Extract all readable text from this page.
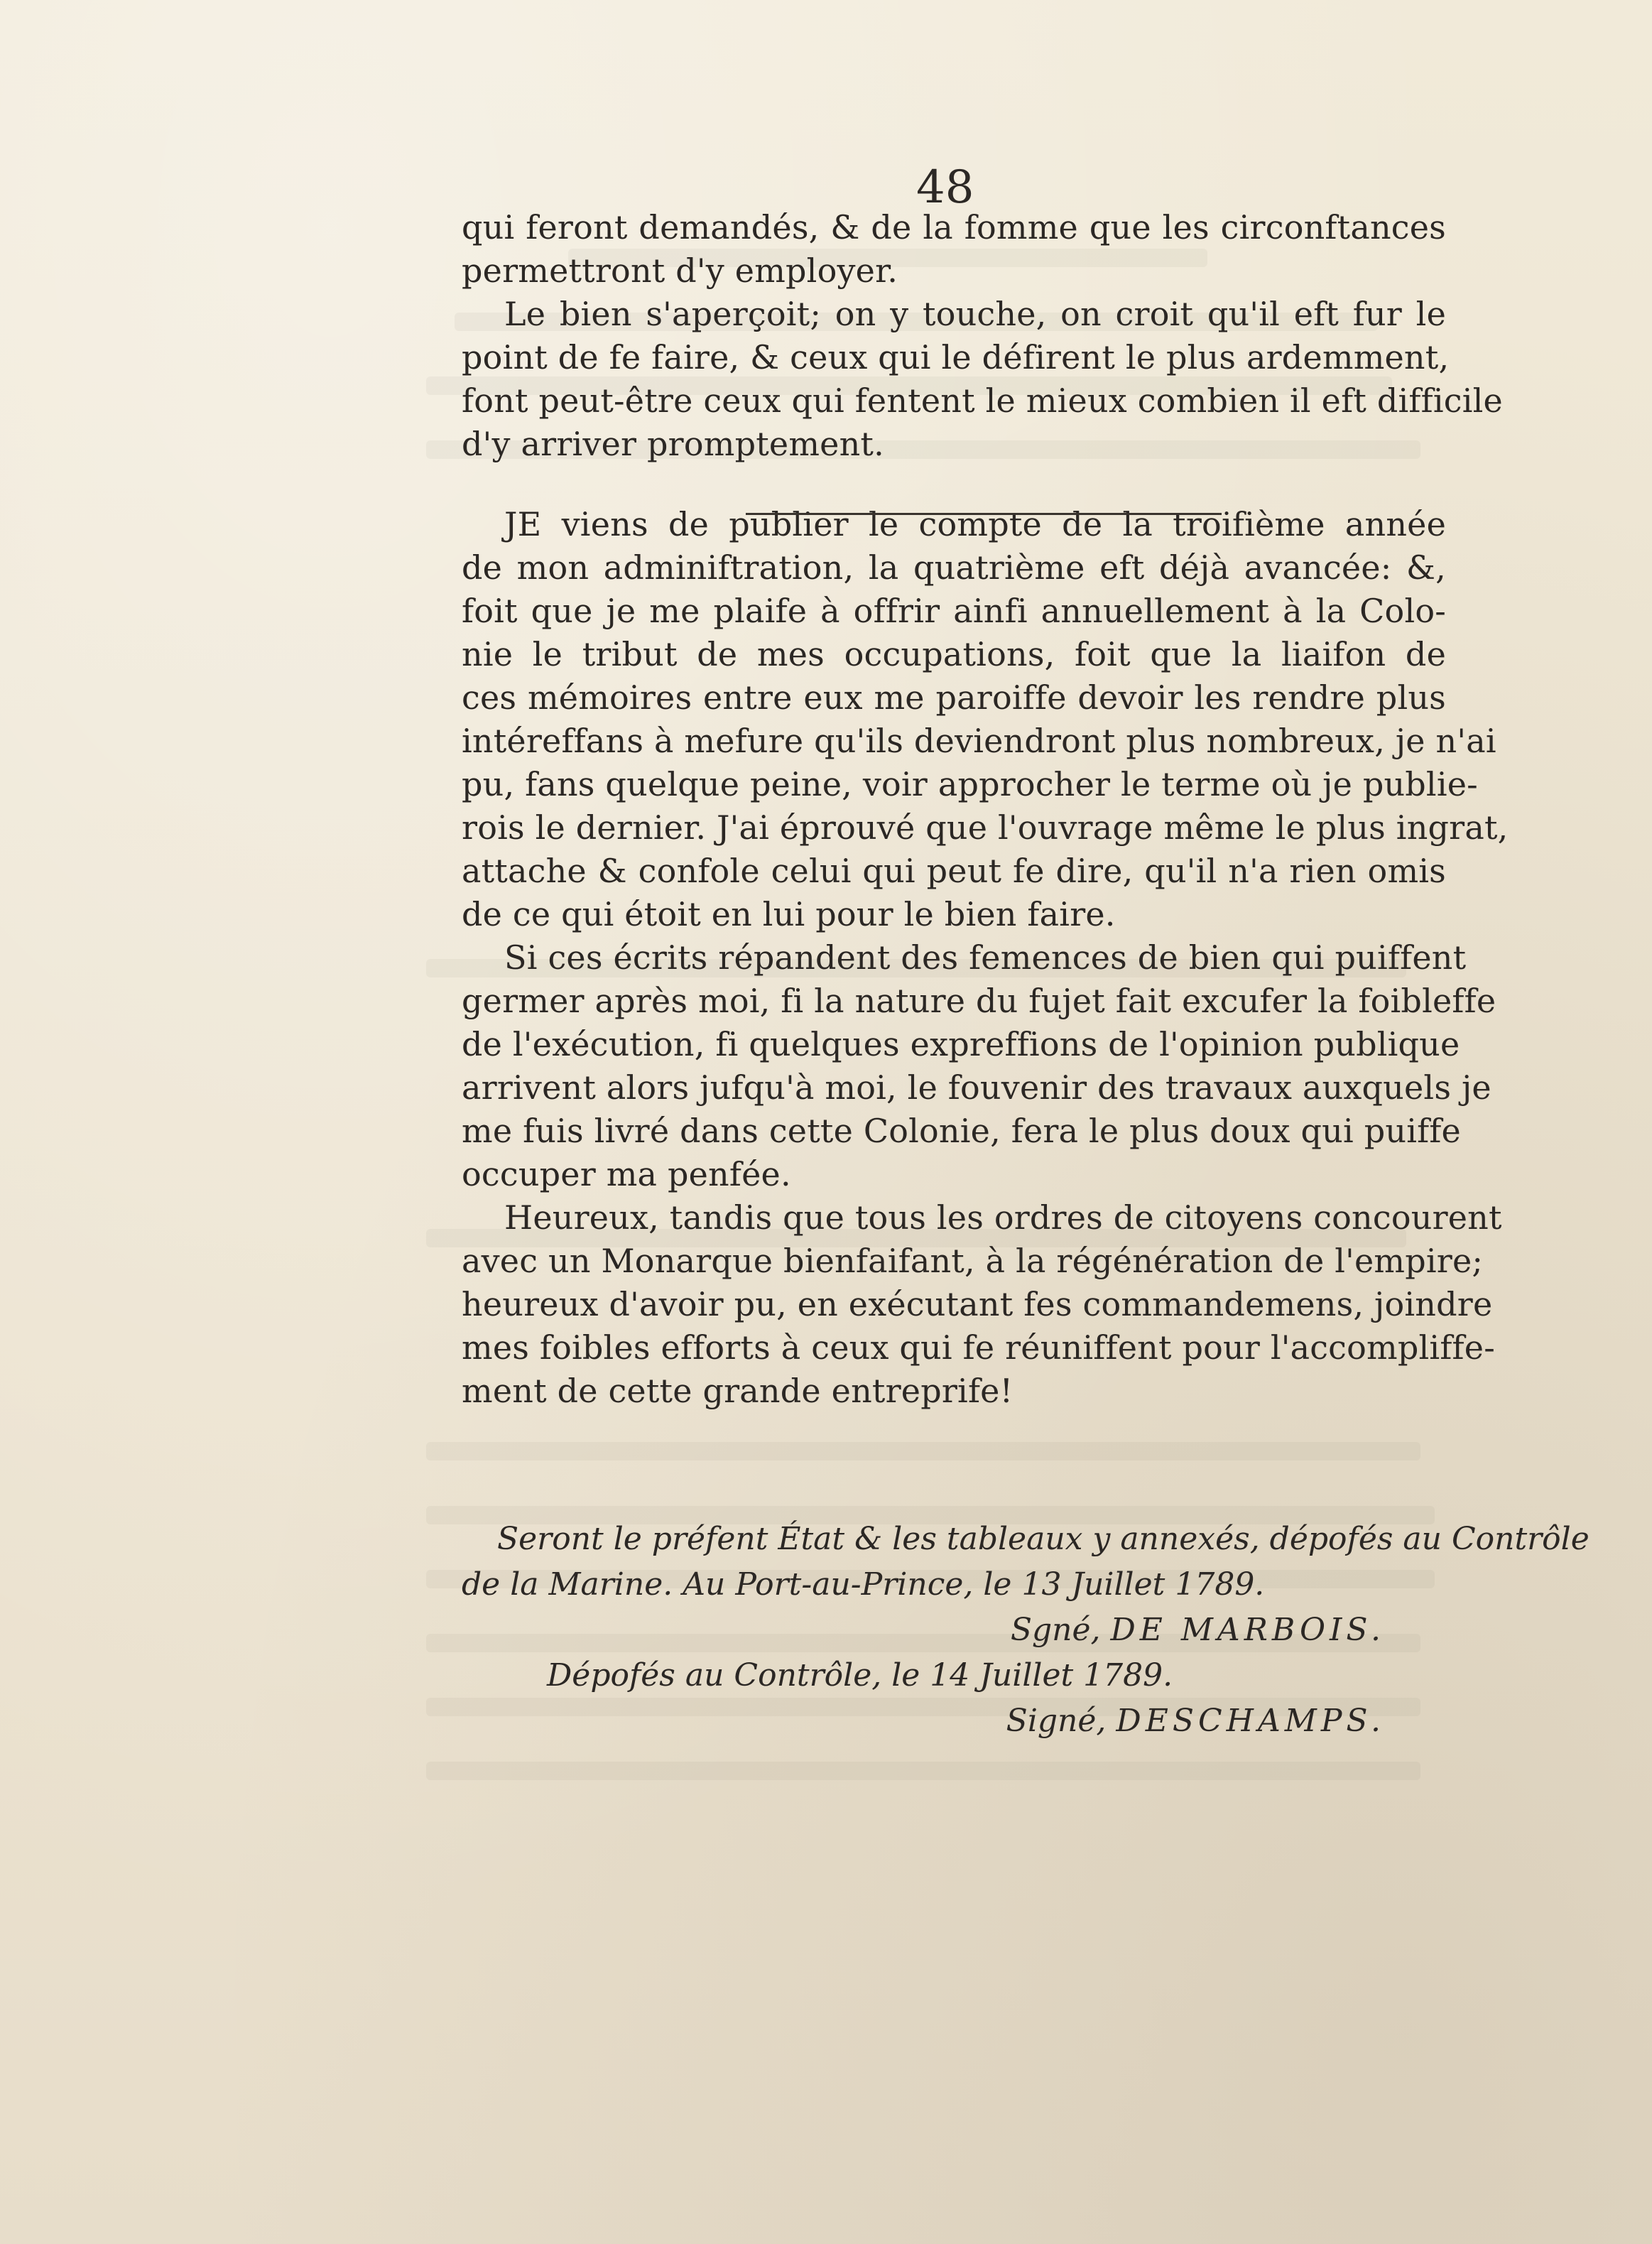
48
qui feront demandés, & de la fomme que les circonftances
permettront d'y employer.
Le bien s'aperçoit; on y touche, on croit qu'il eft fur le
point de fe faire, & ceux qui le défirent le plus ardemment,
font peut-être ceux qui fentent le mieux combien il eft difficile
d'y arriver promptement.
JE viens de publier le compte de la troifième année
de mon adminiftration, la quatrième eft déjà avancée: &,
foit que je me plaife à offrir ainfi annuellement à la Colo-
nie le tribut de mes occupations, foit que la liaifon de
ces mémoires entre eux me paroiffe devoir les rendre plus
intéreffans à mefure qu'ils deviendront plus nombreux, je n'ai
pu, fans quelque peine, voir approcher le terme où je publie-
rois le dernier. J'ai éprouvé que l'ouvrage même le plus ingrat,
attache & confole celui qui peut fe dire, qu'il n'a rien omis
de ce qui étoit en lui pour le bien faire.
Si ces écrits répandent des femences de bien qui puiffent
germer après moi, fi la nature du fujet fait excufer la foibleffe
de l'exécution, fi quelques expreffions de l'opinion publique
arrivent alors jufqu'à moi, le fouvenir des travaux auxquels je
me fuis livré dans cette Colonie, fera le plus doux qui puiffe
occuper ma penfée.
Heureux, tandis que tous les ordres de citoyens concourent
avec un Monarque bienfaifant, à la régénération de l'empire;
heureux d'avoir pu, en exécutant fes commandemens, joindre
mes foibles efforts à ceux qui fe réuniffent pour l'accompliffe-
ment de cette grande entreprife!
Seront le préfent État & les tableaux y annexés, dépofés au Contrôle
de la Marine. Au Port-au-Prince, le 13 Juillet 1789.
Sgné, DE MARBOIS.
Dépofés au Contrôle, le 14 Juillet 1789.
Signé, DESCHAMPS.
